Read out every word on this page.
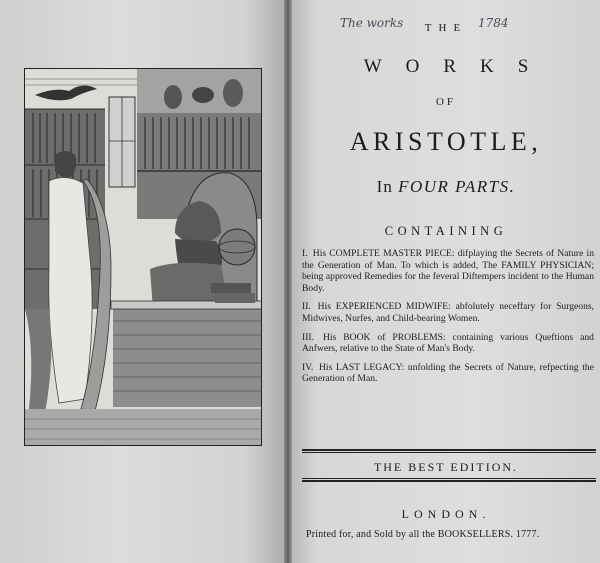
The works	1784
THE
WORKS
OF
ARISTOTLE,
In FOUR PARTS.
CONTAINING
I. His COMPLETE MASTER PIECE: difplaying the Secrets of Nature in the Generation of Man. To which is added, The FAMILY PHYSICIAN; being approved Remedies for the feveral Diftempers incident to the Human Body.
II. His EXPERIENCED MIDWIFE: abfolutely neceffary for Surgeons, Midwives, Nurfes, and Child-bearing Women.
III. His BOOK of PROBLEMS: containing various Queftions and Anfwers, relative to the State of Man's Body.
IV. His LAST LEGACY: unfolding the Secrets of Nature, refpecting the Generation of Man.
THE BEST EDITION.
LONDON.
Printed for, and Sold by all the BOOKSELLERS. 1777.
